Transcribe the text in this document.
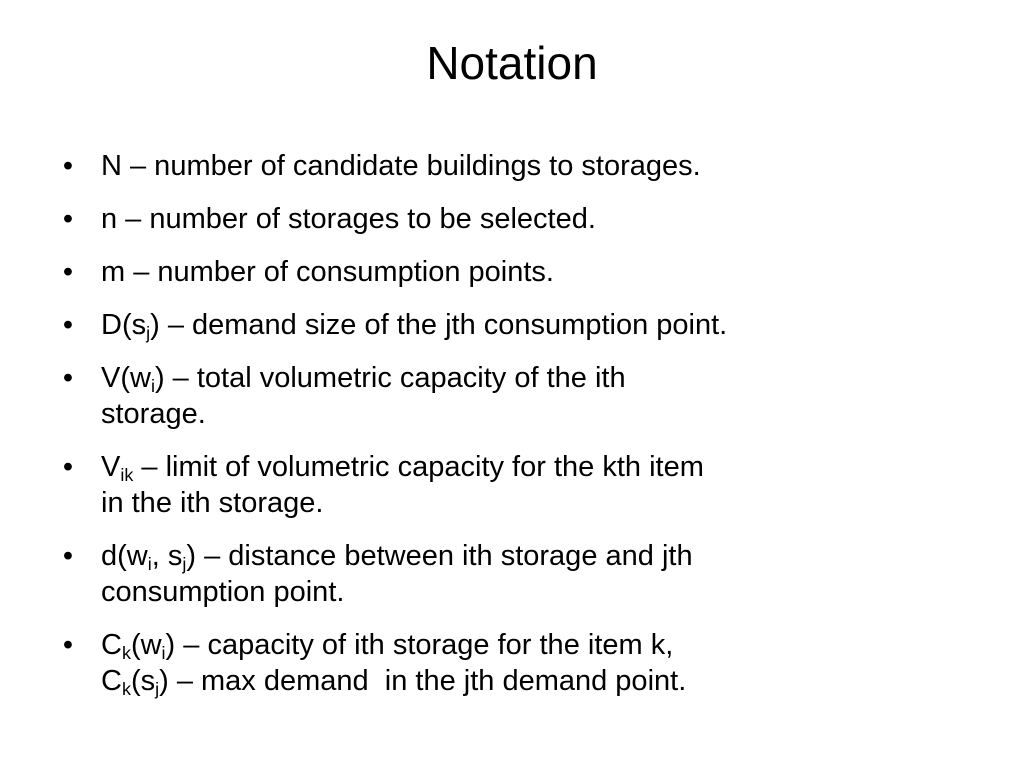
Notation
• N – number of candidate buildings to storages.
• n – number of storages to be selected.
• m – number of consumption points.
• $D(s_j)$ – demand size of the jth consumption point.
• $V(w_i)$ – total volumetric capacity of the ith
storage.
• $V_{ik}$ – limit of volumetric capacity for the kth item
in the ith storage.
• $d(w_i$, $s_j$) – distance between ith storage and jth
consumption point.
• $C_k(w_i)$ – capacity of ith storage for the item k,
$C_k(s_j)$ – max demand  in the jth demand point.
